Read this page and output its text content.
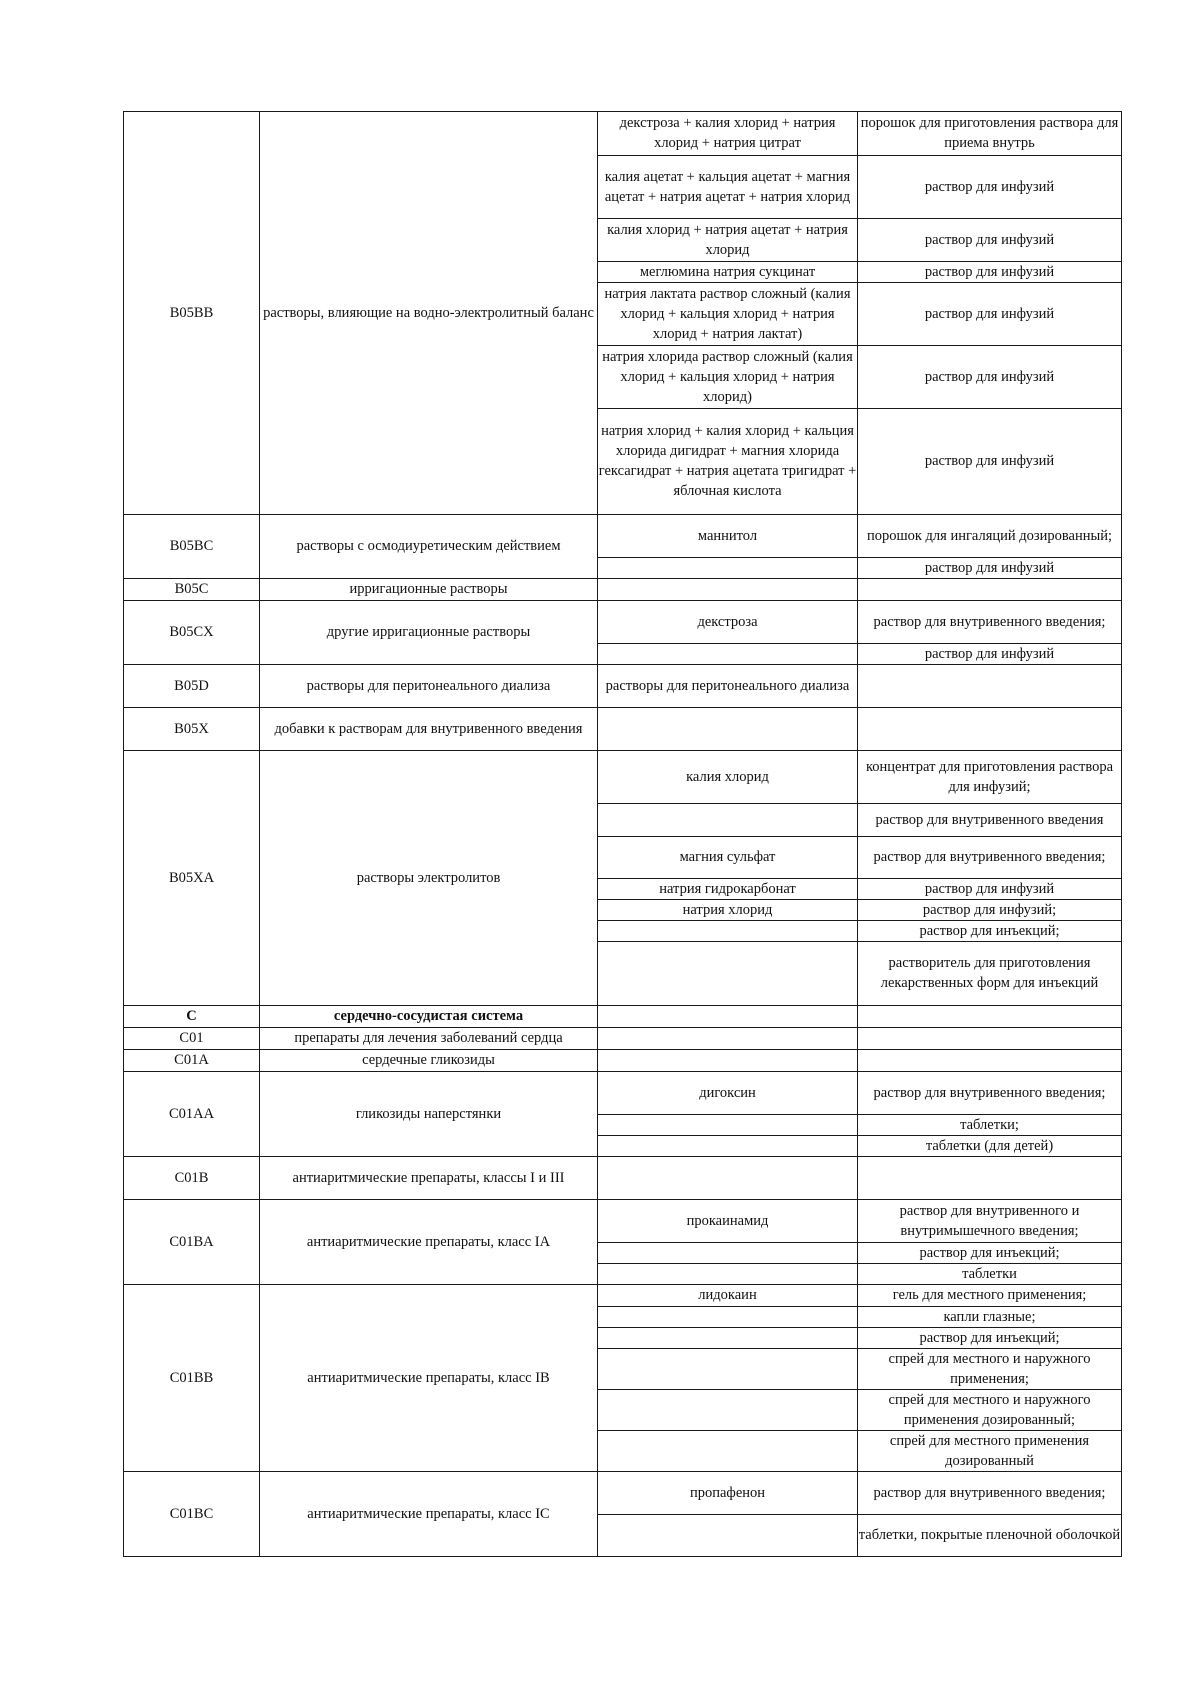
B05BB	растворы, влияющие на водно-электролитный баланс	
декстроза + калия хлорид + натрия хлорид + натрия цитрат	порошок для приготовления раствора для приема внутрь
калия ацетат + кальция ацетат + магния ацетат + натрия ацетат + натрия хлорид	раствор для инфузий
калия хлорид + натрия ацетат + натрия хлорид	раствор для инфузий
меглюмина натрия сукцинат	раствор для инфузий
натрия лактата раствор сложный (калия хлорид + кальция хлорид + натрия хлорид + натрия лактат)	раствор для инфузий
натрия хлорида раствор сложный (калия хлорид + кальция хлорид + натрия хлорид)	раствор для инфузий
натрия хлорид + калия хлорид + кальция хлорида дигидрат + магния хлорида гексагидрат + натрия ацетата тригидрат + яблочная кислота	раствор для инфузий

B05BC	растворы с осмодиуретическим действием	
маннитол	порошок для ингаляций дозированный;
	раствор для инфузий

B05C	ирригационные растворы	

B05CX	другие ирригационные растворы	
декстроза	раствор для внутривенного введения;
	раствор для инфузий

B05D	растворы для перитонеального диализа		растворы для перитонеального диализа	

B05X	добавки к растворам для внутривенного введения	

B05XA	растворы электролитов	
калия хлорид	концентрат для приготовления раствора для инфузий;
	раствор для внутривенного введения
магния сульфат	раствор для внутривенного введения;
натрия гидрокарбонат	раствор для инфузий
натрия хлорид	раствор для инфузий;
	раствор для инъекций;
	растворитель для приготовления лекарственных форм для инъекций

C	сердечно-сосудистая система	

C01	препараты для лечения заболеваний сердца	

C01A	сердечные гликозиды	

C01AA	гликозиды наперстянки	
дигоксин	раствор для внутривенного введения;
	таблетки;
	таблетки (для детей)

C01B	антиаритмические препараты, классы I и III	

C01BA	антиаритмические препараты, класс IA	
прокаинамид	раствор для внутривенного и внутримышечного введения;
	раствор для инъекций;
	таблетки

C01BB	антиаритмические препараты, класс IB	
лидокаин	гель для местного применения;
	капли глазные;
	раствор для инъекций;
	спрей для местного и наружного применения;
	спрей для местного и наружного применения дозированный;
	спрей для местного применения дозированный

C01BC	антиаритмические препараты, класс IC	
пропафенон	раствор для внутривенного введения;
	таблетки, покрытые пленочной оболочкой
